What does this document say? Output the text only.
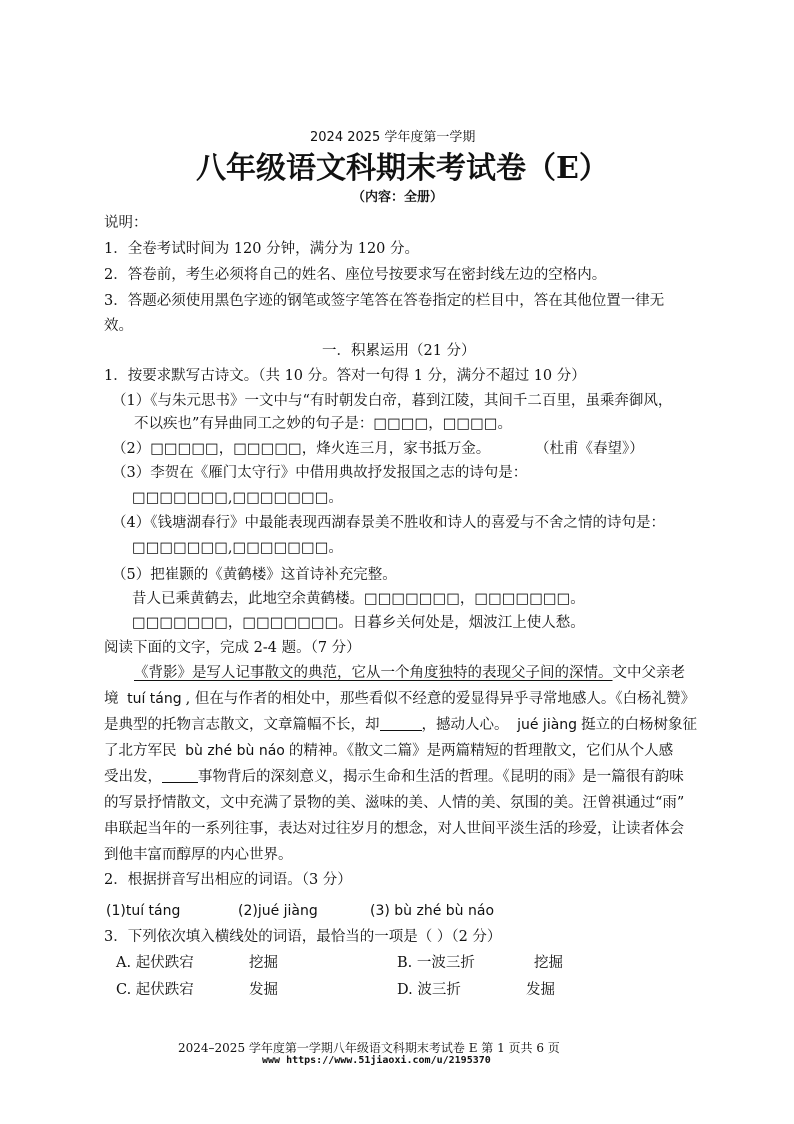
2024 2025 学年度第一学期
八年级语文科期末考试卷（E）
（内容：全册）
说明：
1．全卷考试时间为 120 分钟，满分为 120 分。
2．答卷前，考生必须将自己的姓名、座位号按要求写在密封线左边的空格内。
3．答题必须使用黑色字迹的钢笔或签字笔答在答卷指定的栏目中，答在其他位置一律无
效。
一．积累运用（21 分）
1．按要求默写古诗文。（共 10 分。答对一句得 1 分，满分不超过 10 分）
（1）《与朱元思书》一文中与“有时朝发白帝，暮到江陵，其间千二百里，虽乘奔御风，
不以疾也”有异曲同工之妙的句子是：□□□□，□□□□。
（2）□□□□□，□□□□□，烽火连三月，家书抵万金。	（杜甫《春望》）
（3）李贺在《雁门太守行》中借用典故抒发报国之志的诗句是：
□□□□□□□,□□□□□□□。
（4）《钱塘湖春行》中最能表现西湖春景美不胜收和诗人的喜爱与不舍之情的诗句是：
□□□□□□□,□□□□□□□。
（5）把崔颢的《黄鹤楼》这首诗补充完整。
昔人已乘黄鹤去，此地空余黄鹤楼。□□□□□□□，□□□□□□□。
□□□□□□□，□□□□□□□。日暮乡关何处是，烟波江上使人愁。
阅读下面的文字，完成 2-4 题。（7 分）
《背影》是写人记事散文的典范，它从一个角度独特的表现父子间的深情。文中父亲老
境 tuí táng , 但在与作者的相处中，那些看似不经意的爱显得异乎寻常地感人。《白杨礼赞》
是典型的托物言志散文，文章篇幅不长，却	，撼动人心。 jué jiàng 挺立的白杨树象征
了北方军民 bù zhé bù náo 的精神。《散文二篇》是两篇精短的哲理散文，它们从个人感
受出发， 事物背后的深刻意义，揭示生命和生活的哲理。《昆明的雨》是一篇很有韵味
的写景抒情散文，文中充满了景物的美、滋味的美、人情的美、氛围的美。汪曾祺通过“雨”
串联起当年的一系列往事，表达对过往岁月的想念，对人世间平淡生活的珍爱，让读者体会
到他丰富而醇厚的内心世界。
2．根据拼音写出相应的词语。（3 分）
(1)tuí táng	(2)jué jiàng	(3) bù zhé bù náo
3．下列依次填入横线处的词语，最恰当的一项是（ ）（2 分）
A. 起伏跌宕	挖掘	B. 一波三折	挖掘
C. 起伏跌宕	发掘	D. 波三折	发掘
2024–2025 学年度第一学期八年级语文科期末考试卷 E 第 1 页共 6 页
www https://www.51jiaoxi.com/u/2195370
